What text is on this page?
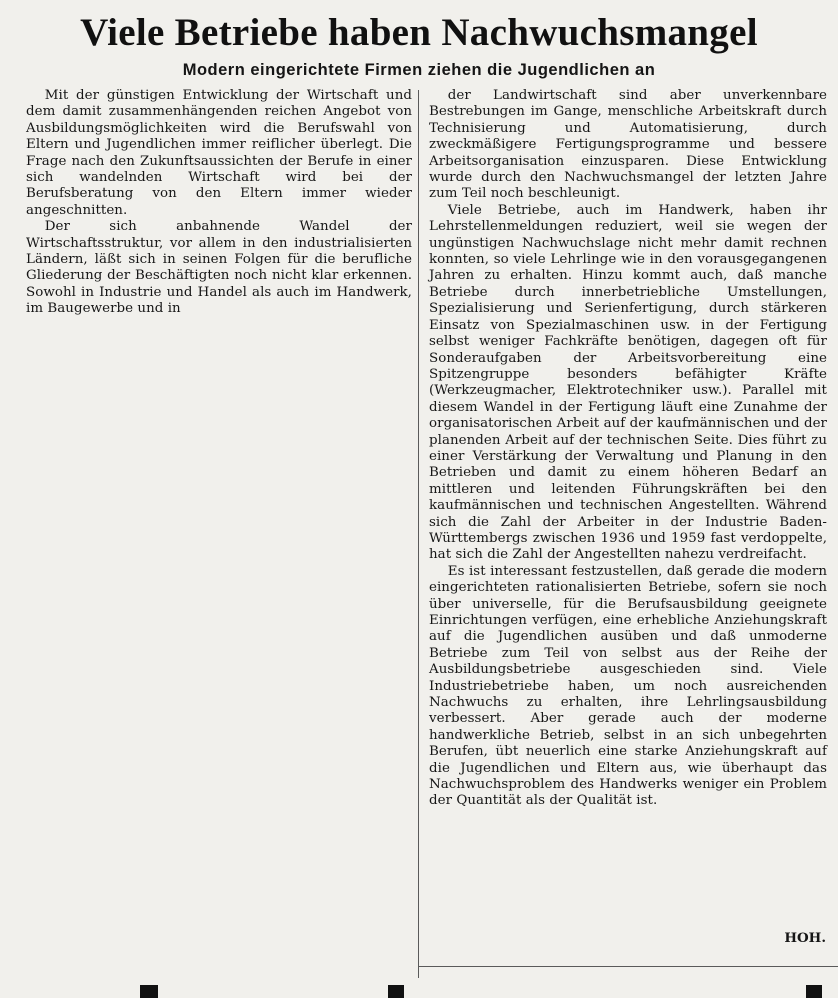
Viele Betriebe haben Nachwuchsmangel
Modern eingerichtete Firmen ziehen die Jugendlichen an

Mit der günstigen Entwicklung der Wirtschaft und dem damit zusammenhängenden reichen Angebot von Ausbildungsmöglichkeiten wird die Berufswahl von Eltern und Jugendlichen immer reiflicher überlegt. Die Frage nach den Zukunftsaussichten der Berufe in einer sich wandelnden Wirtschaft wird bei der Berufsberatung von den Eltern immer wieder angeschnitten.

Der sich anbahnende Wandel der Wirtschaftsstruktur, vor allem in den industrialisierten Ländern, läßt sich in seinen Folgen für die berufliche Gliederung der Beschäftigten noch nicht klar erkennen. Sowohl in Industrie und Handel als auch im Handwerk, im Baugewerbe und in

der Landwirtschaft sind aber unverkennbare Bestrebungen im Gange, menschliche Arbeitskraft durch Technisierung und Automatisierung, durch zweckmäßigere Fertigungsprogramme und bessere Arbeitsorganisation einzusparen. Diese Entwicklung wurde durch den Nachwuchsmangel der letzten Jahre zum Teil noch beschleunigt.

Viele Betriebe, auch im Handwerk, haben ihr Lehrstellenmeldungen reduziert, weil sie wegen der ungünstigen Nachwuchslage nicht mehr damit rechnen konnten, so viele Lehrlinge wie in den vorausgegangenen Jahren zu erhalten. Hinzu kommt auch, daß manche Betriebe durch innerbetriebliche Umstellungen, Spezialisierung und Serienfertigung, durch stärkeren Einsatz von Spezialmaschinen usw. in der Fertigung selbst weniger Fachkräfte benötigen, dagegen oft für Sonderaufgaben der Arbeitsvorbereitung eine Spitzengruppe besonders befähigter Kräfte (Werkzeugmacher, Elektrotechniker usw.). Parallel mit diesem Wandel in der Fertigung läuft eine Zunahme der organisatorischen Arbeit auf der kaufmännischen und der planenden Arbeit auf der technischen Seite. Dies führt zu einer Verstärkung der Verwaltung und Planung in den Betrieben und damit zu einem höheren Bedarf an mittleren und leitenden Führungskräften bei den kaufmännischen und technischen Angestellten. Während sich die Zahl der Arbeiter in der Industrie Baden-Württembergs zwischen 1936 und 1959 fast verdoppelte, hat sich die Zahl der Angestellten nahezu verdreifacht.

Es ist interessant festzustellen, daß gerade die modern eingerichteten rationalisierten Betriebe, sofern sie noch über universelle, für die Berufsausbildung geeignete Einrichtungen verfügen, eine erhebliche Anziehungskraft auf die Jugendlichen ausüben und daß unmoderne Betriebe zum Teil von selbst aus der Reihe der Ausbildungsbetriebe ausgeschieden sind. Viele Industriebetriebe haben, um noch ausreichenden Nachwuchs zu erhalten, ihre Lehrlingsausbildung verbessert. Aber gerade auch der moderne handwerkliche Betrieb, selbst in an sich unbegehrten Berufen, übt neuerlich eine starke Anziehungskraft auf die Jugendlichen und Eltern aus, wie überhaupt das Nachwuchsproblem des Handwerks weniger ein Problem der Quantität als der Qualität ist.

HOH.
